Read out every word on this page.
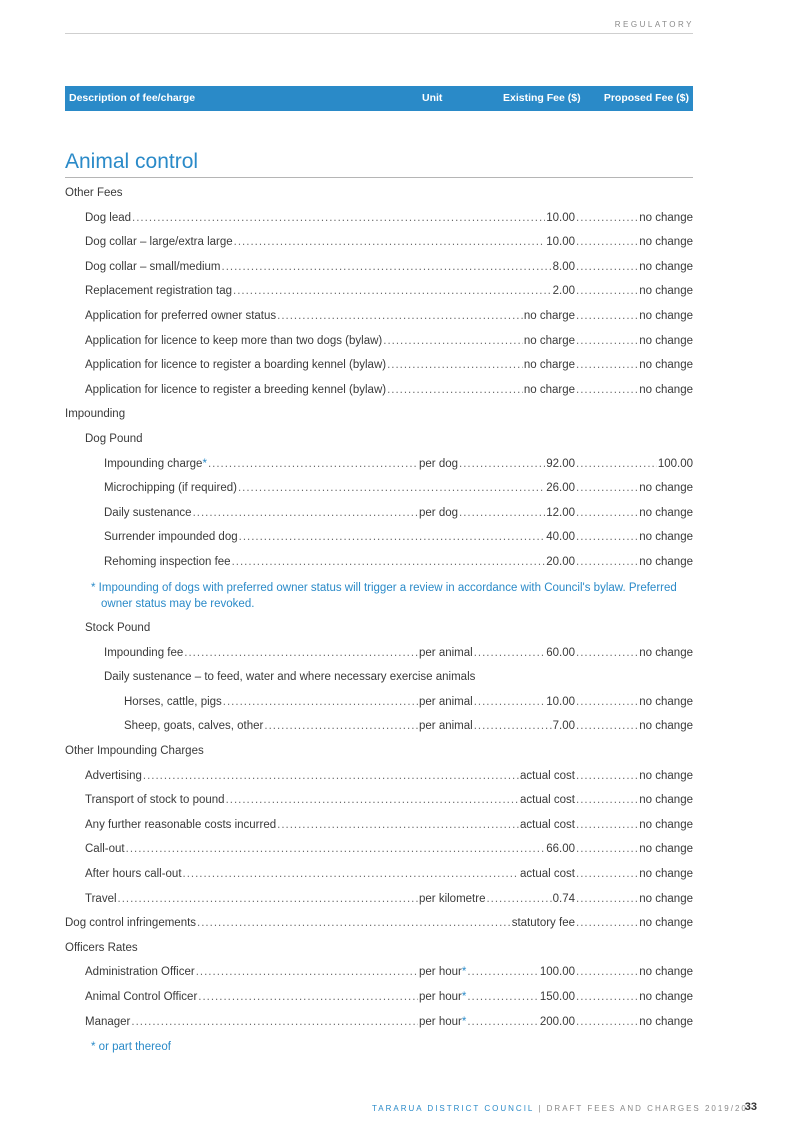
REGULATORY
Description of fee/charge	Unit	Existing Fee ($) Proposed Fee ($)
Animal control
Other Fees
Dog lead .....	10.00 .....	no change
Dog collar – large/extra large .....	10.00 .....	no change
Dog collar – small/medium .....	8.00 .....	no change
Replacement registration tag .....	2.00 .....	no change
Application for preferred owner status .....	no charge .....	no change
Application for licence to keep more than two dogs (bylaw) .....	no charge .....	no change
Application for licence to register a boarding kennel (bylaw) .....	no charge .....	no change
Application for licence to register a breeding kennel (bylaw) .....	no charge .....	no change
Impounding
Dog Pound
Impounding charge * .....	per dog .....	92.00 .....	100.00
Microchipping (if required) .....	26.00 .....	no change
Daily sustenance .....	per dog .....	12.00 .....	no change
Surrender impounded dog .....	40.00 .....	no change
Rehoming inspection fee .....	20.00 .....	no change
* Impounding of dogs with preferred owner status will trigger a review in accordance with Council's bylaw. Preferred owner status may be revoked.
Stock Pound
Impounding fee .....	per animal .....	60.00 .....	no change
Daily sustenance – to feed, water and where necessary exercise animals
Horses, cattle, pigs .....	per animal .....	10.00 .....	no change
Sheep, goats, calves, other .....	per animal .....	7.00 .....	no change
Other Impounding Charges
Advertising .....	actual cost .....	no change
Transport of stock to pound .....	actual cost .....	no change
Any further reasonable costs incurred .....	actual cost .....	no change
Call-out .....	66.00 .....	no change
After hours call-out .....	actual cost .....	no change
Travel .....	per kilometre .....	0.74 .....	no change
Dog control infringements .....	statutory fee .....	no change
Officers Rates
Administration Officer .....	per hour * .....	100.00 .....	no change
Animal Control Officer .....	per hour * .....	150.00 .....	no change
Manager .....	per hour * .....	200.00 .....	no change
* or part thereof
TARARUA DISTRICT COUNCIL | DRAFT FEES AND CHARGES 2019/20
33
